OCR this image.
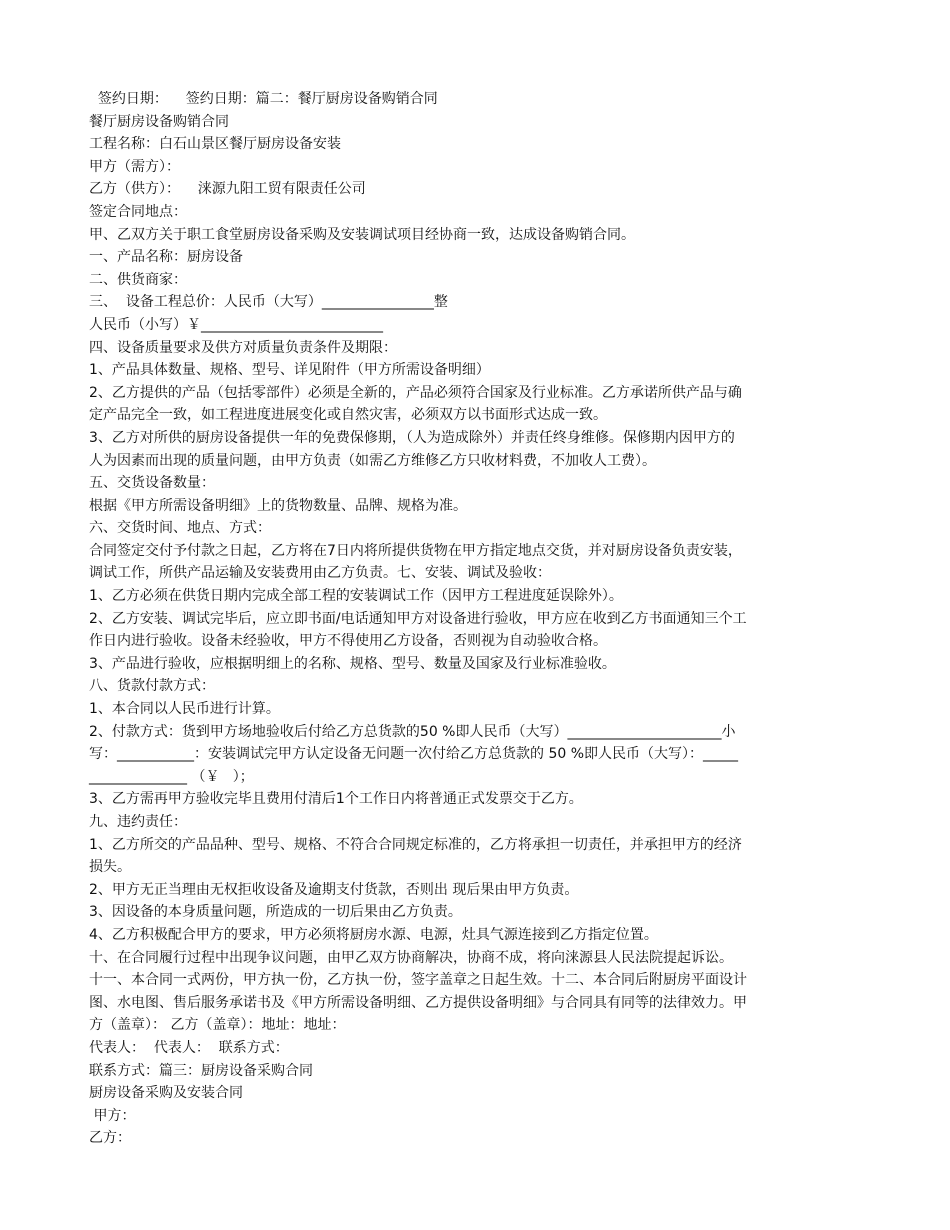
签约日期：    签约日期：篇二：餐厅厨房设备购销合同
餐厅厨房设备购销合同
工程名称：白石山景区餐厅厨房设备安装
甲方（需方）：
乙方（供方）：    涞源九阳工贸有限责任公司
签定合同地点：
甲、乙双方关于职工食堂厨房设备采购及安装调试项目经协商一致，达成设备购销合同。
一、产品名称：厨房设备
二、供货商家：
三、  设备工程总价：人民币（大写）________________整
人民币（小写）￥__________________________
四、设备质量要求及供方对质量负责条件及期限：
1、产品具体数量、规格、型号、详见附件（甲方所需设备明细）
2、乙方提供的产品（包括零部件）必须是全新的，产品必须符合国家及行业标准。乙方承诺所供产品与确
定产品完全一致，如工程进度进展变化或自然灾害，必须双方以书面形式达成一致。
3、乙方对所供的厨房设备提供一年的免费保修期，（人为造成除外）并责任终身维修。保修期内因甲方的
人为因素而出现的质量问题，由甲方负责（如需乙方维修乙方只收材料费，不加收人工费）。
五、交货设备数量：
根据《甲方所需设备明细》上的货物数量、品牌、规格为准。
六、交货时间、地点、方式：
合同签定交付予付款之日起，乙方将在7日内将所提供货物在甲方指定地点交货，并对厨房设备负责安装，
调试工作，所供产品运输及安装费用由乙方负责。七、安装、调试及验收：
1、乙方必须在供货日期内完成全部工程的安装调试工作（因甲方工程进度延误除外）。
2、乙方安装、调试完毕后，应立即书面/电话通知甲方对设备进行验收，甲方应在收到乙方书面通知三个工
作日内进行验收。设备未经验收，甲方不得使用乙方设备，否则视为自动验收合格。
3、产品进行验收，应根据明细上的名称、规格、型号、数量及国家及行业标准验收。
八、货款付款方式：
1、本合同以人民币进行计算。
2、付款方式：货到甲方场地验收后付给乙方总货款的50 %即人民币（大写）______________________小
写：___________：安装调试完甲方认定设备无问题一次付给乙方总货款的 50 %即人民币（大写）：_____
______________ （￥   ）；
3、乙方需再甲方验收完毕且费用付清后1个工作日内将普通正式发票交于乙方。
九、违约责任：
1、乙方所交的产品品种、型号、规格、不符合合同规定标准的，乙方将承担一切责任，并承担甲方的经济
损失。
2、甲方无正当理由无权拒收设备及逾期支付货款，否则出 现后果由甲方负责。
3、因设备的本身质量问题，所造成的一切后果由乙方负责。
4、乙方积极配合甲方的要求，甲方必须将厨房水源、电源，灶具气源连接到乙方指定位置。
十、在合同履行过程中出现争议问题，由甲乙双方协商解决，协商不成，将向涞源县人民法院提起诉讼。
十一、本合同一式两份，甲方执一份，乙方执一份，签字盖章之日起生效。十二、本合同后附厨房平面设计
图、水电图、售后服务承诺书及《甲方所需设备明细、乙方提供设备明细》与合同具有同等的法律效力。甲
方（盖章）： 乙方（盖章）：地址：地址：
代表人：  代表人：  联系方式：
联系方式：篇三：厨房设备采购合同
厨房设备采购及安装合同
甲方：
乙方：
